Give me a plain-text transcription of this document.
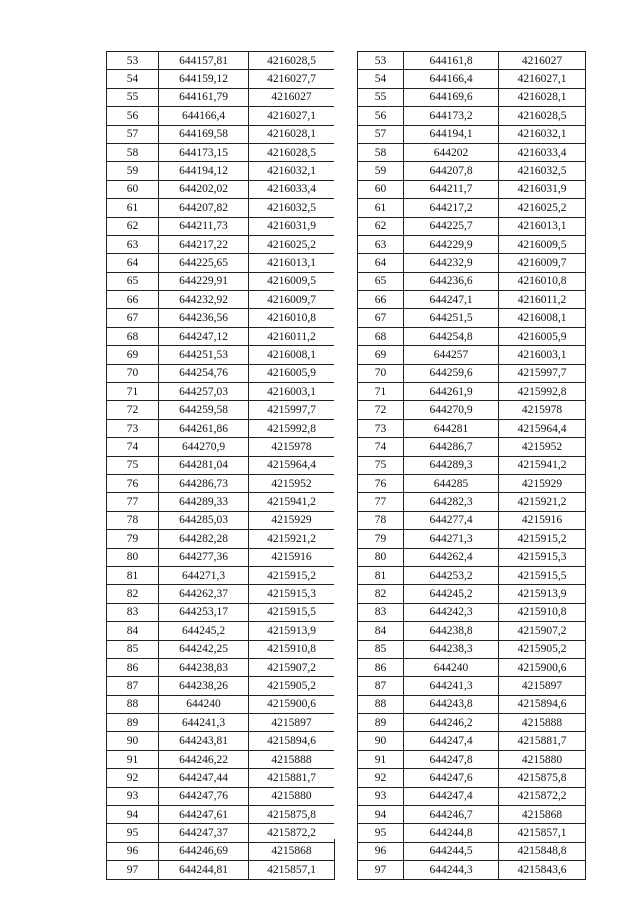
53	644157,81	4216028,5
54	644159,12	4216027,7
55	644161,79	4216027
56	644166,4	4216027,1
57	644169,58	4216028,1
58	644173,15	4216028,5
59	644194,12	4216032,1
60	644202,02	4216033,4
61	644207,82	4216032,5
62	644211,73	4216031,9
63	644217,22	4216025,2
64	644225,65	4216013,1
65	644229,91	4216009,5
66	644232,92	4216009,7
67	644236,56	4216010,8
68	644247,12	4216011,2
69	644251,53	4216008,1
70	644254,76	4216005,9
71	644257,03	4216003,1
72	644259,58	4215997,7
73	644261,86	4215992,8
74	644270,9	4215978
75	644281,04	4215964,4
76	644286,73	4215952
77	644289,33	4215941,2
78	644285,03	4215929
79	644282,28	4215921,2
80	644277,36	4215916
81	644271,3	4215915,2
82	644262,37	4215915,3
83	644253,17	4215915,5
84	644245,2	4215913,9
85	644242,25	4215910,8
86	644238,83	4215907,2
87	644238,26	4215905,2
88	644240	4215900,6
89	644241,3	4215897
90	644243,81	4215894,6
91	644246,22	4215888
92	644247,44	4215881,7
93	644247,76	4215880
94	644247,61	4215875,8
95	644247,37	4215872,2
96	644246,69	4215868
97	644244,81	4215857,1
53	644161,8	4216027
54	644166,4	4216027,1
55	644169,6	4216028,1
56	644173,2	4216028,5
57	644194,1	4216032,1
58	644202	4216033,4
59	644207,8	4216032,5
60	644211,7	4216031,9
61	644217,2	4216025,2
62	644225,7	4216013,1
63	644229,9	4216009,5
64	644232,9	4216009,7
65	644236,6	4216010,8
66	644247,1	4216011,2
67	644251,5	4216008,1
68	644254,8	4216005,9
69	644257	4216003,1
70	644259,6	4215997,7
71	644261,9	4215992,8
72	644270,9	4215978
73	644281	4215964,4
74	644286,7	4215952
75	644289,3	4215941,2
76	644285	4215929
77	644282,3	4215921,2
78	644277,4	4215916
79	644271,3	4215915,2
80	644262,4	4215915,3
81	644253,2	4215915,5
82	644245,2	4215913,9
83	644242,3	4215910,8
84	644238,8	4215907,2
85	644238,3	4215905,2
86	644240	4215900,6
87	644241,3	4215897
88	644243,8	4215894,6
89	644246,2	4215888
90	644247,4	4215881,7
91	644247,8	4215880
92	644247,6	4215875,8
93	644247,4	4215872,2
94	644246,7	4215868
95	644244,8	4215857,1
96	644244,5	4215848,8
97	644244,3	4215843,6
